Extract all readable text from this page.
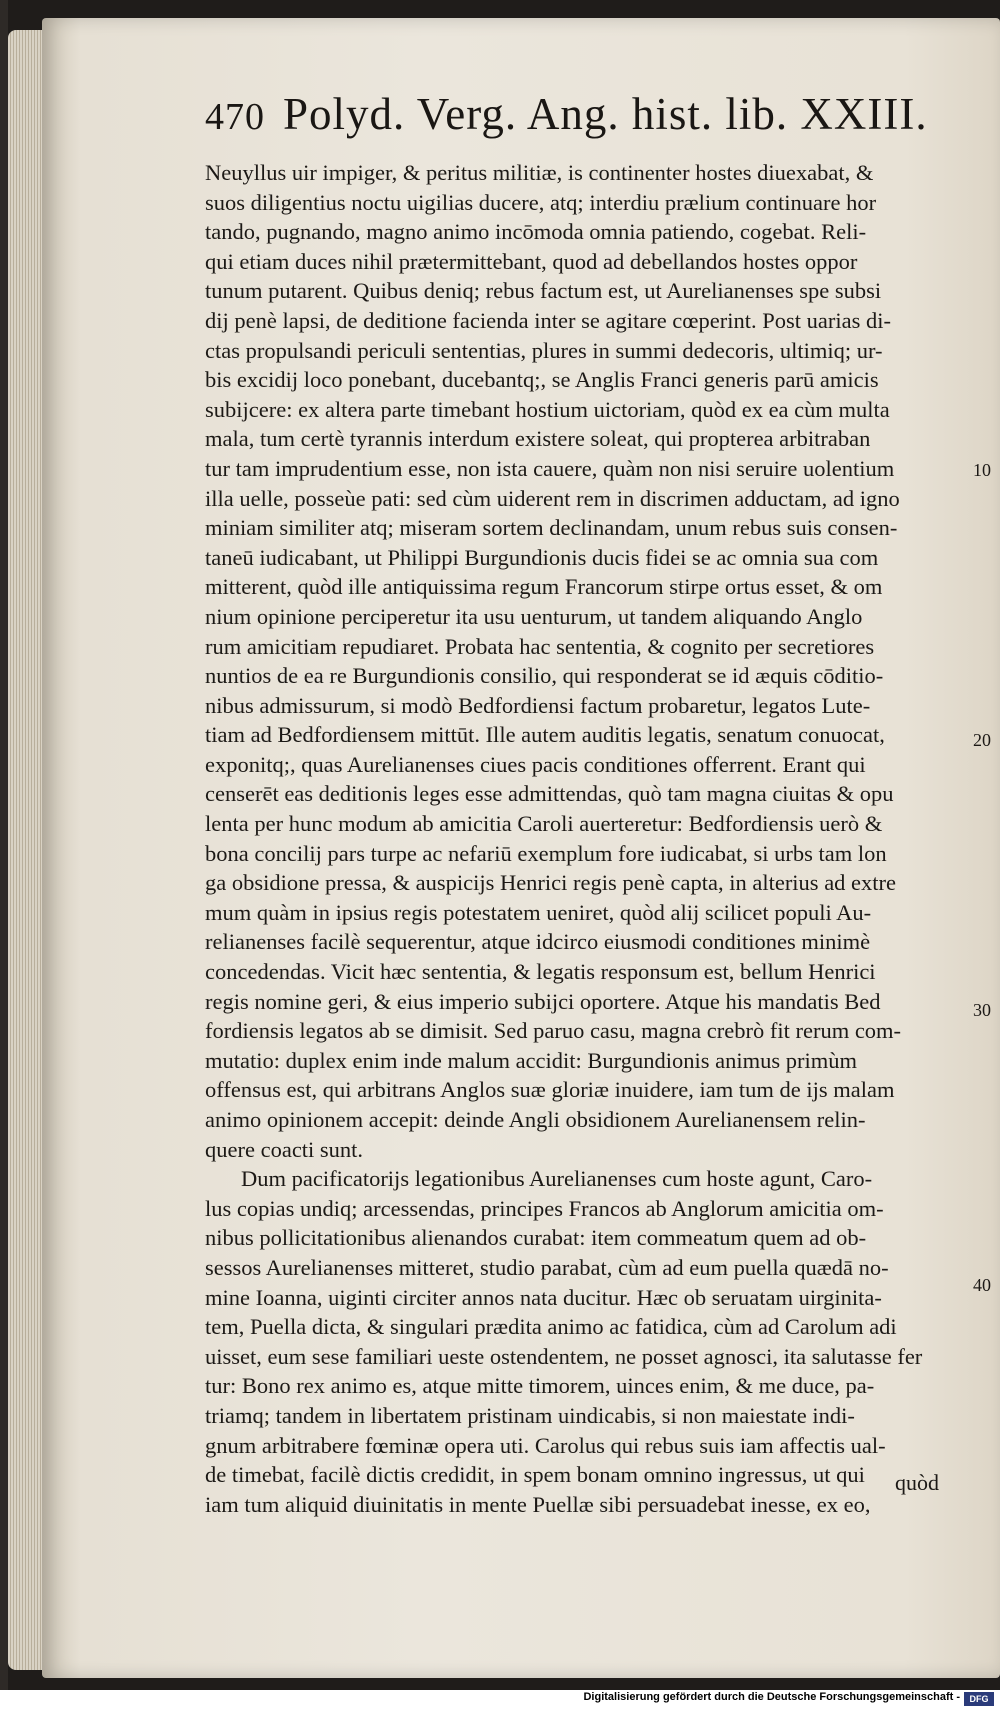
470 Polyd. Verg. Ang. hist. lib. XXIII.
Neuyllus uir impiger, & peritus militiæ, is continenter hostes diuexabat, &
suos diligentius noctu uigilias ducere, atq; interdiu prælium continuare hor
tando, pugnando, magno animo incōmoda omnia patiendo, cogebat. Reli-
qui etiam duces nihil prætermittebant, quod ad debellandos hostes oppor
tunum putarent. Quibus deniq; rebus factum est, ut Aurelianenses spe subsi
dij penè lapsi, de deditione facienda inter se agitare cœperint. Post uarias di-
ctas propulsandi periculi sententias, plures in summi dedecoris, ultimiq; ur-
bis excidij loco ponebant, ducebantq;, se Anglis Franci generis parū amicis
subijcere: ex altera parte timebant hostium uictoriam, quòd ex ea cùm multa
mala, tum certè tyrannis interdum existere soleat, qui propterea arbitraban
tur tam imprudentium esse, non ista cauere, quàm non nisi seruire uolentium
illa uelle, posseùe pati: sed cùm uiderent rem in discrimen adductam, ad igno
miniam similiter atq; miseram sortem declinandam, unum rebus suis consen-
taneū iudicabant, ut Philippi Burgundionis ducis fidei se ac omnia sua com
mitterent, quòd ille antiquissima regum Francorum stirpe ortus esset, & om
nium opinione perciperetur ita usu uenturum, ut tandem aliquando Anglo
rum amicitiam repudiaret. Probata hac sententia, & cognito per secretiores
nuntios de ea re Burgundionis consilio, qui responderat se id æquis cōditio-
nibus admissurum, si modò Bedfordiensi factum probaretur, legatos Lute-
tiam ad Bedfordiensem mittūt. Ille autem auditis legatis, senatum conuocat,
exponitq;, quas Aurelianenses ciues pacis conditiones offerrent. Erant qui
censerēt eas deditionis leges esse admittendas, quò tam magna ciuitas & opu
lenta per hunc modum ab amicitia Caroli auerteretur: Bedfordiensis uerò &
bona concilij pars turpe ac nefariū exemplum fore iudicabat, si urbs tam lon
ga obsidione pressa, & auspicijs Henrici regis penè capta, in alterius ad extre
mum quàm in ipsius regis potestatem ueniret, quòd alij scilicet populi Au-
relianenses facilè sequerentur, atque idcirco eiusmodi conditiones minimè
concedendas. Vicit hæc sententia, & legatis responsum est, bellum Henrici
regis nomine geri, & eius imperio subijci oportere. Atque his mandatis Bed
fordiensis legatos ab se dimisit. Sed paruo casu, magna crebrò fit rerum com-
mutatio: duplex enim inde malum accidit: Burgundionis animus primùm
offensus est, qui arbitrans Anglos suæ gloriæ inuidere, iam tum de ijs malam
animo opinionem accepit: deinde Angli obsidionem Aurelianensem relin-
quere coacti sunt.
Dum pacificatorijs legationibus Aurelianenses cum hoste agunt, Caro-
lus copias undiq; arcessendas, principes Francos ab Anglorum amicitia om-
nibus pollicitationibus alienandos curabat: item commeatum quem ad ob-
sessos Aurelianenses mitteret, studio parabat, cùm ad eum puella quædā no-
mine Ioanna, uiginti circiter annos nata ducitur. Hæc ob seruatam uirginita-
tem, Puella dicta, & singulari prædita animo ac fatidica, cùm ad Carolum adi
uisset, eum sese familiari ueste ostendentem, ne posset agnosci, ita salutasse fer
tur: Bono rex animo es, atque mitte timorem, uinces enim, & me duce, pa-
triamq; tandem in libertatem pristinam uindicabis, si non maiestate indi-
gnum arbitrabere fœminæ opera uti. Carolus qui rebus suis iam affectis ual-
de timebat, facilè dictis credidit, in spem bonam omnino ingressus, ut qui
iam tum aliquid diuinitatis in mente Puellæ sibi persuadebat inesse, ex eo,
10
20
30
40
quòd
Digitalisierung gefördert durch die Deutsche Forschungsgemeinschaft -	DFG
